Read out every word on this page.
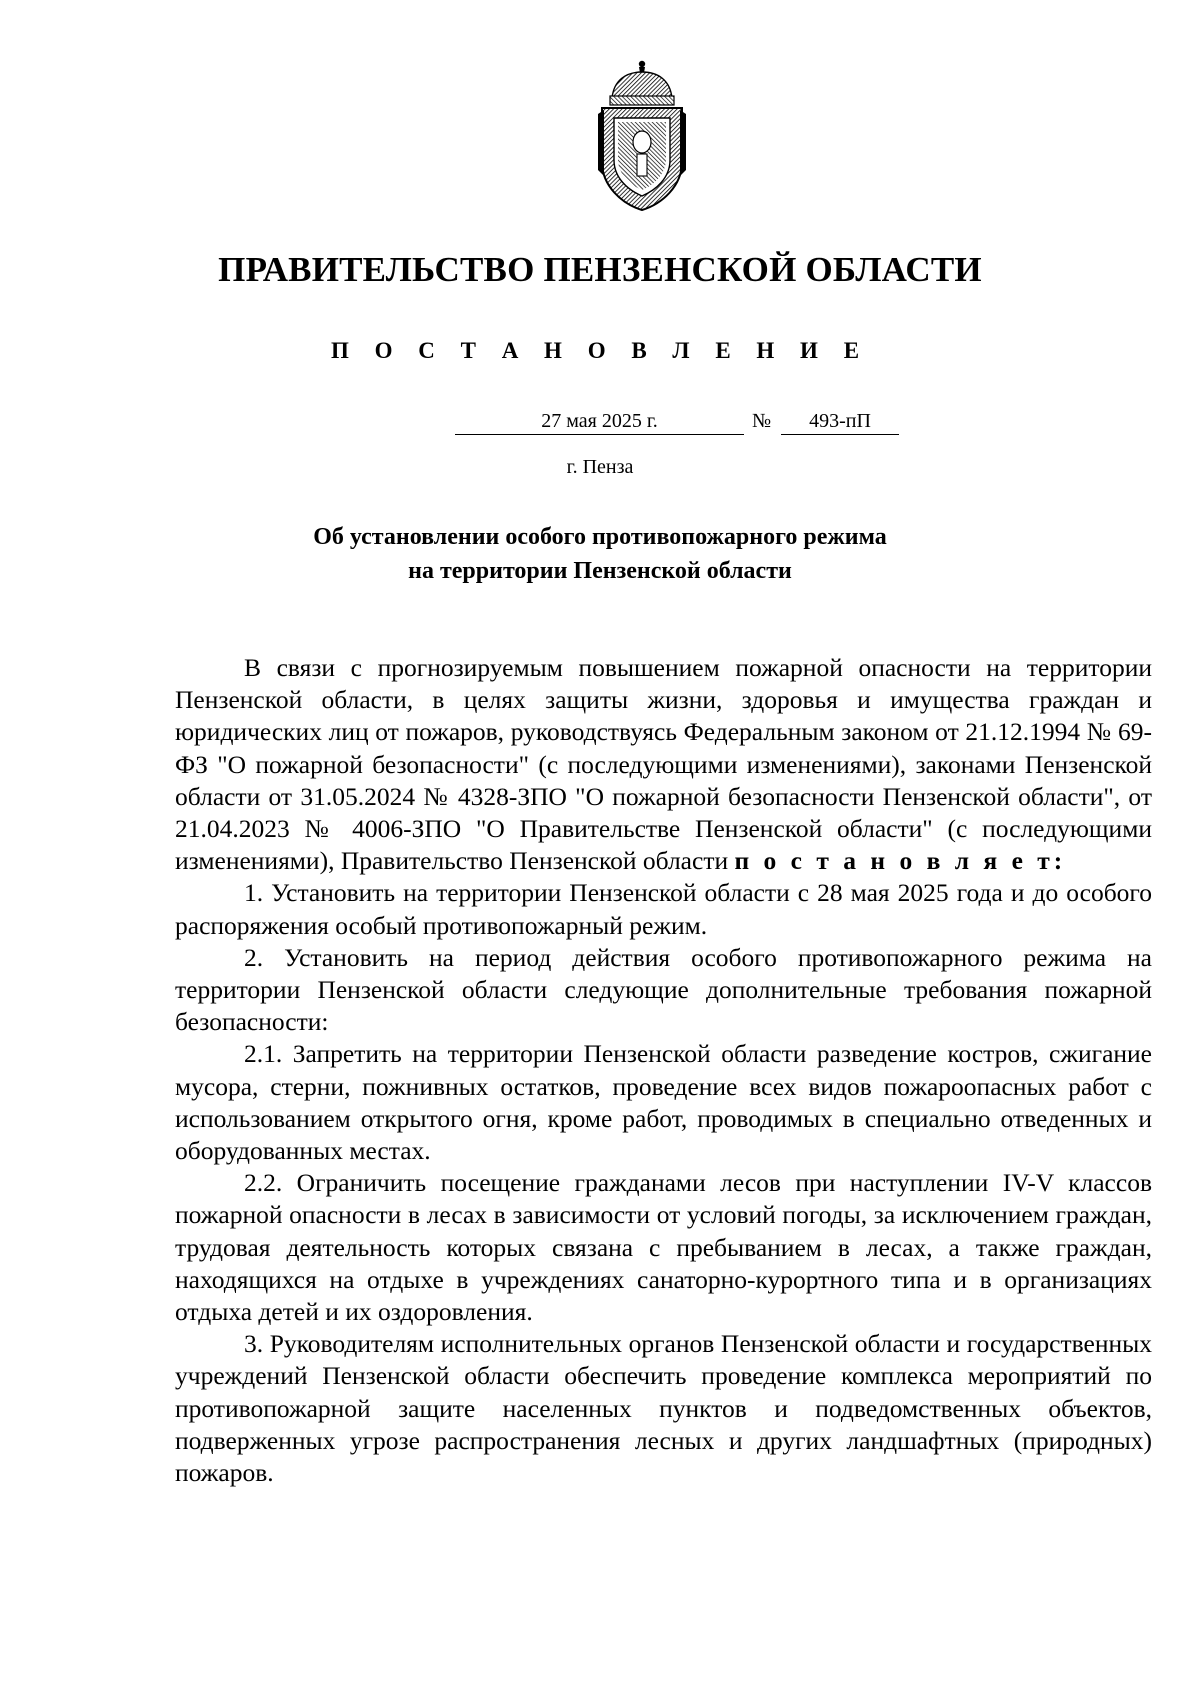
ПРАВИТЕЛЬСТВО ПЕНЗЕНСКОЙ ОБЛАСТИ
П О С Т А Н О В Л Е Н И Е
27 мая 2025 г.	№	493-пП
г. Пенза
Об установлении особого противопожарного режима
на территории Пензенской области

В связи с прогнозируемым повышением пожарной опасности на территории Пензенской области, в целях защиты жизни, здоровья и имущества граждан и юридических лиц от пожаров, руководствуясь Федеральным законом от 21.12.1994 № 69-ФЗ "О пожарной безопасности" (с последующими изменениями), законами Пензенской области от 31.05.2024 № 4328-ЗПО "О пожарной безопасности Пензенской области", от 21.04.2023 № 4006-ЗПО "О Правительстве Пензенской области" (с последующими изменениями), Правительство Пензенской области п о с т а н о в л я е т:

1. Установить на территории Пензенской области с 28 мая 2025 года и до особого распоряжения особый противопожарный режим.

2. Установить на период действия особого противопожарного режима на территории Пензенской области следующие дополнительные требования пожарной безопасности:

2.1. Запретить на территории Пензенской области разведение костров, сжигание мусора, стерни, пожнивных остатков, проведение всех видов пожароопасных работ с использованием открытого огня, кроме работ, проводимых в специально отведенных и оборудованных местах.

2.2. Ограничить посещение гражданами лесов при наступлении IV-V классов пожарной опасности в лесах в зависимости от условий погоды, за исключением граждан, трудовая деятельность которых связана с пребыванием в лесах, а также граждан, находящихся на отдыхе в учреждениях санаторно-курортного типа и в организациях отдыха детей и их оздоровления.

3. Руководителям исполнительных органов Пензенской области и государственных учреждений Пензенской области обеспечить проведение комплекса мероприятий по противопожарной защите населенных пунктов и подведомственных объектов, подверженных угрозе распространения лесных и других ландшафтных (природных) пожаров.
